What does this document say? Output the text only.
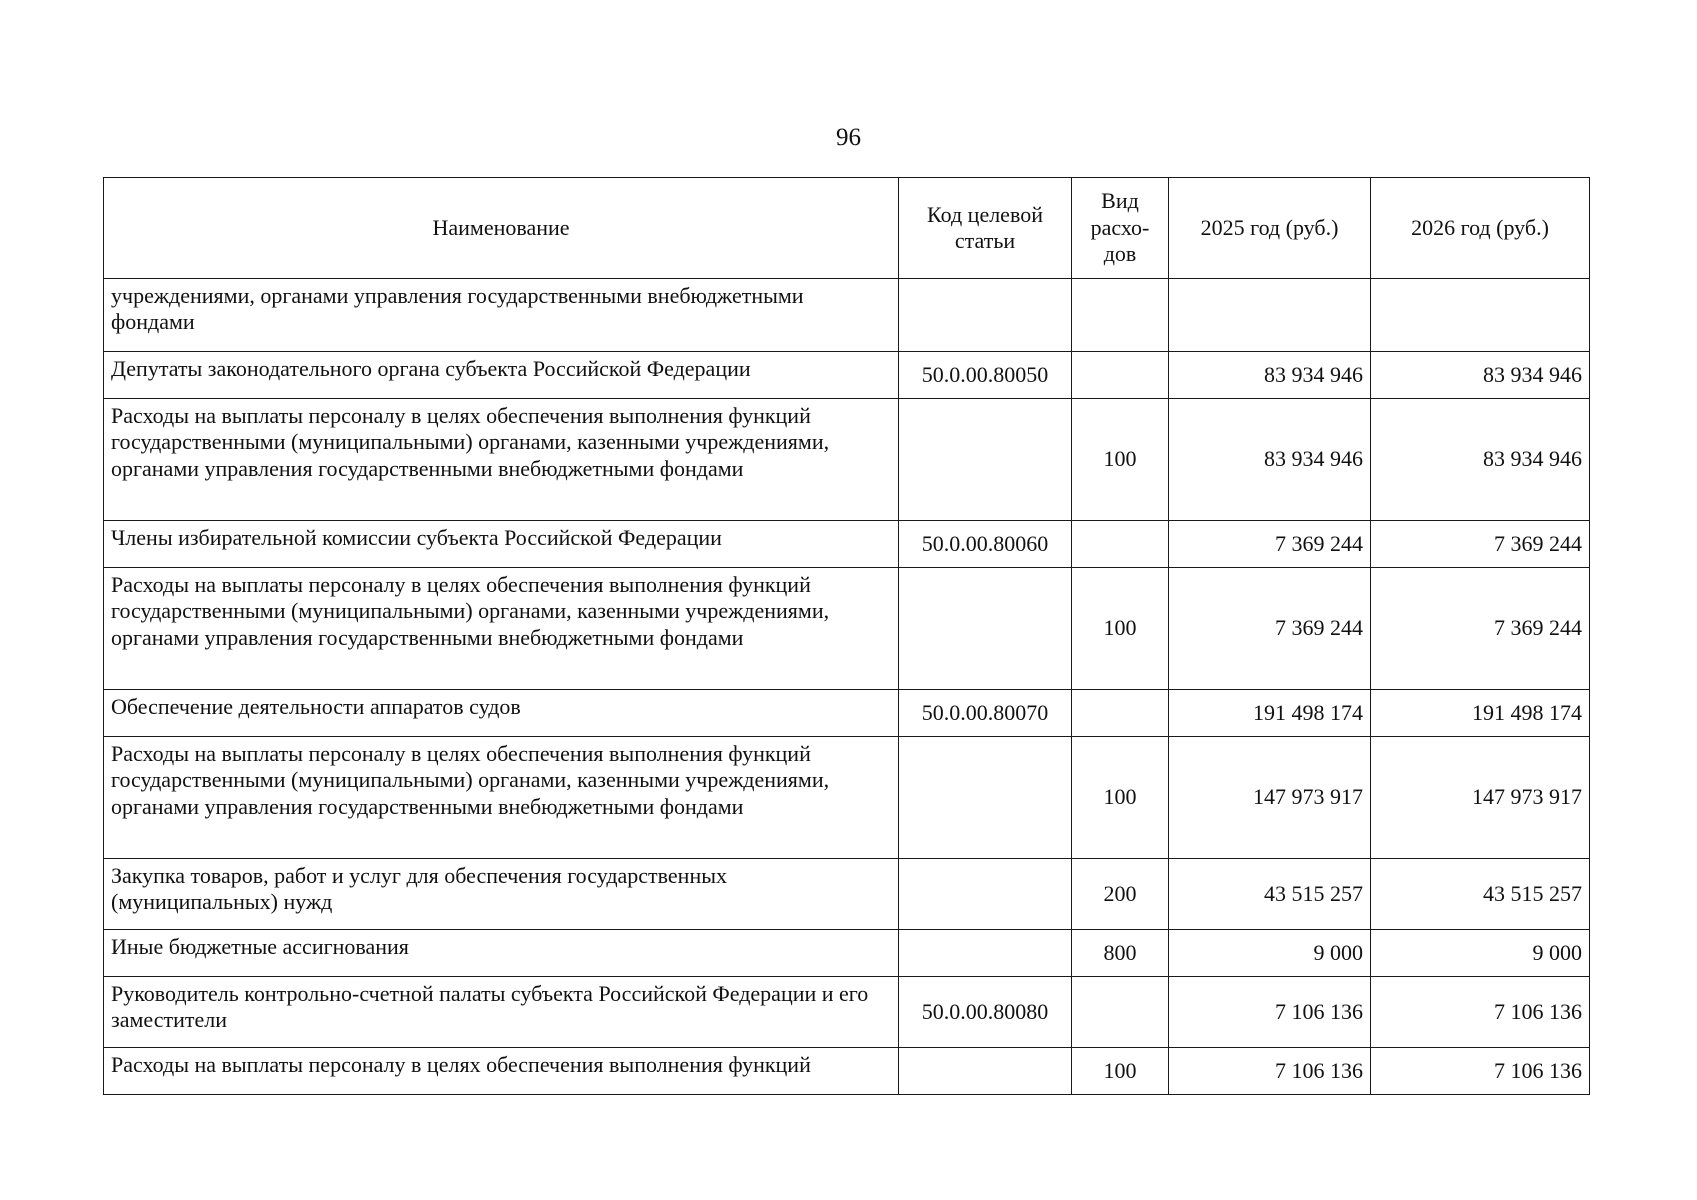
96
Наименование	Код целевой статьи	Вид расхо-дов	2025 год (руб.)	2026 год (руб.)
учреждениями, органами управления государственными внебюджетными фондами				
Депутаты законодательного органа субъекта Российской Федерации	50.0.00.80050		83 934 946	83 934 946
Расходы на выплаты персоналу в целях обеспечения выполнения функций государственными (муниципальными) органами, казенными учреждениями, органами управления государственными внебюджетными фондами		100	83 934 946	83 934 946
Члены избирательной комиссии субъекта Российской Федерации	50.0.00.80060		7 369 244	7 369 244
Расходы на выплаты персоналу в целях обеспечения выполнения функций государственными (муниципальными) органами, казенными учреждениями, органами управления государственными внебюджетными фондами		100	7 369 244	7 369 244
Обеспечение деятельности аппаратов судов	50.0.00.80070		191 498 174	191 498 174
Расходы на выплаты персоналу в целях обеспечения выполнения функций государственными (муниципальными) органами, казенными учреждениями, органами управления государственными внебюджетными фондами		100	147 973 917	147 973 917
Закупка товаров, работ и услуг для обеспечения государственных (муниципальных) нужд		200	43 515 257	43 515 257
Иные бюджетные ассигнования		800	9 000	9 000
Руководитель контрольно-счетной палаты субъекта Российской Федерации и его заместители	50.0.00.80080		7 106 136	7 106 136
Расходы на выплаты персоналу в целях обеспечения выполнения функций		100	7 106 136	7 106 136
